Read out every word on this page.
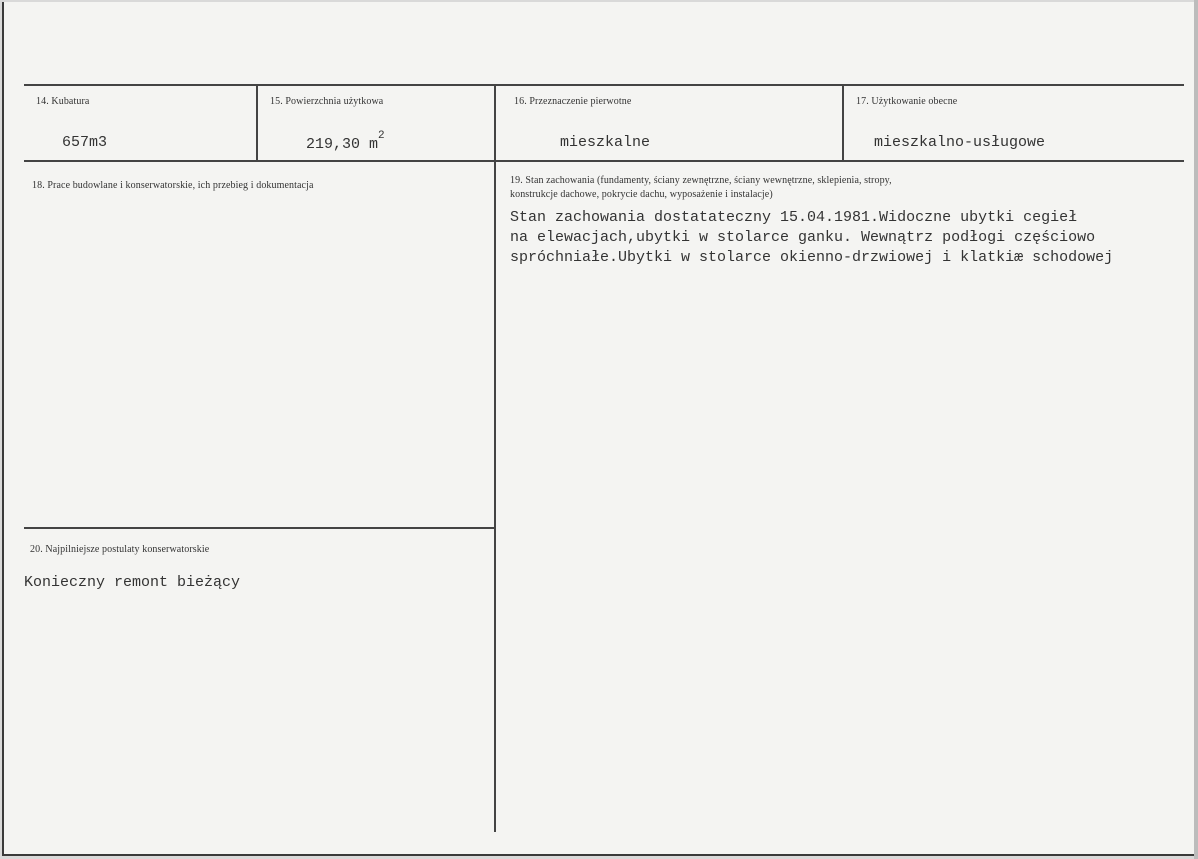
14. Kubatura
657m3
15. Powierzchnia użytkowa
219,30 $m^2$
16. Przeznaczenie pierwotne
mieszkalne
17. Użytkowanie obecne
mieszkalno-usługowe
18. Prace budowlane i konserwatorskie, ich przebieg i dokumentacja	19. Stan zachowania (fundamenty, ściany zewnętrzne, ściany wewnętrzne, sklepienia, stropy,
konstrukcje dachowe, pokrycie dachu, wyposażenie i instalacje)
Stan zachowania dostatateczny 15.04.1981.Widoczne ubytki cegieł
na elewacjach,ubytki w stolarce ganku. Wewnątrz podłogi częściowo
spróchniałe.Ubytki w stolarce okienno-drzwiowej i klatkiæ schodowej
20. Najpilniejsze postulaty konserwatorskie
Konieczny remont bieżący
